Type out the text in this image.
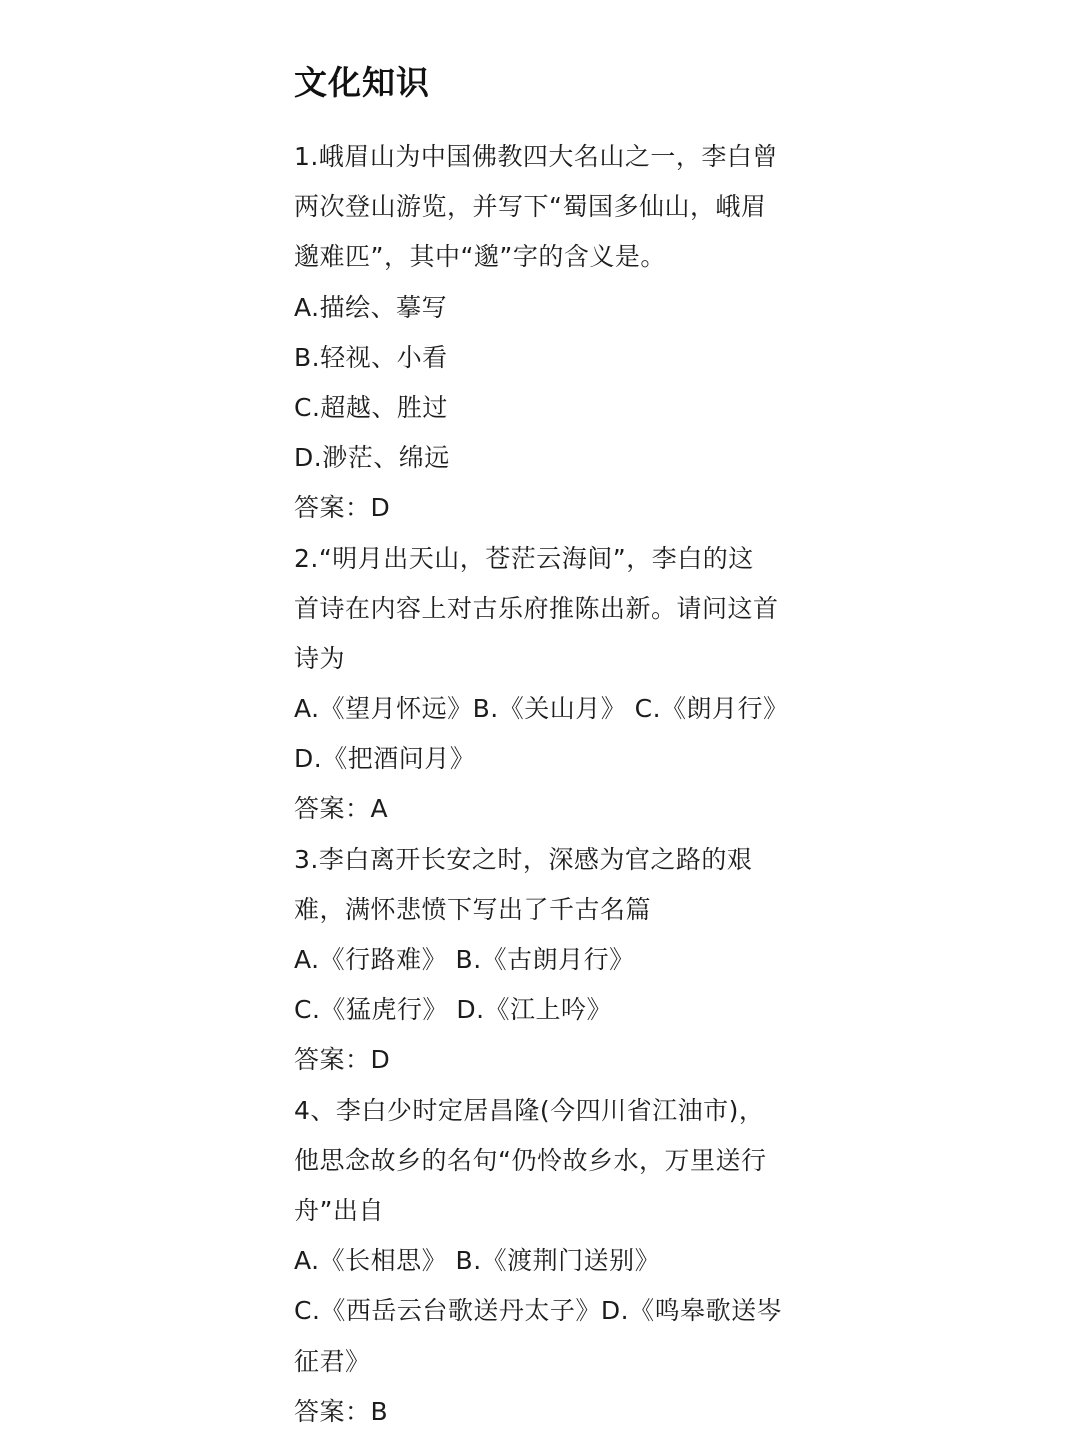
文化知识
1.峨眉山为中国佛教四大名山之一，李白曾
两次登山游览，并写下“蜀国多仙山，峨眉
邈难匹”，其中“邈”字的含义是。
A.描绘、摹写
B.轻视、小看
C.超越、胜过
D.渺茫、绵远
答案：D
2.“明月出天山，苍茫云海间”，李白的这
首诗在内容上对古乐府推陈出新。请问这首
诗为
A.《望月怀远》B.《关山月》 C.《朗月行》
D.《把酒问月》
答案：A
3.李白离开长安之时，深感为官之路的艰
难，满怀悲愤下写出了千古名篇
A.《行路难》 B.《古朗月行》
C.《猛虎行》 D.《江上吟》
答案：D
4、李白少时定居昌隆(今四川省江油市)，
他思念故乡的名句“仍怜故乡水，万里送行
舟”出自
A.《长相思》 B.《渡荆门送别》
C.《西岳云台歌送丹太子》D.《鸣皋歌送岑
征君》
答案：B
